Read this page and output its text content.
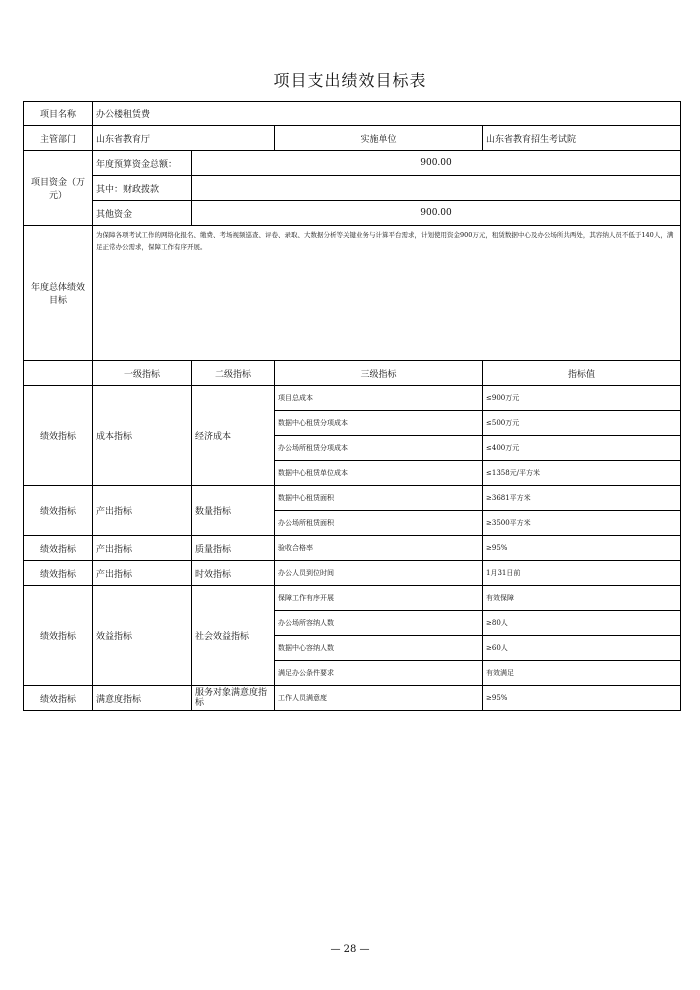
项目支出绩效目标表
项目名称	办公楼租赁费			
主管部门	山东省教育厅		实施单位	山东省教育招生考试院
项目资金（万元）	年度预算资金总额：	900.00		
	其中：财政拨款			
	其他资金	900.00		
年度总体绩效目标	为保障各项考试工作的网络化报名、缴费、考场视频巡查、评卷、录取、大数据分析等关键业务与计算平台需求，计划使用资金900万元，租赁数据中心及办公场所共两处，其容纳人员不低于140人，满足正常办公需求，保障工作有序开展。			
	一级指标	二级指标	三级指标	指标值
绩效指标	成本指标	经济成本	项目总成本	≤900万元
			数据中心租赁分项成本	≤500万元
			办公场所租赁分项成本	≤400万元
			数据中心租赁单位成本	≤1358元/平方米
绩效指标	产出指标	数量指标	数据中心租赁面积	≥3681平方米
			办公场所租赁面积	≥3500平方米
绩效指标	产出指标	质量指标	验收合格率	≥95%
绩效指标	产出指标	时效指标	办公人员到位时间	1月31日前
绩效指标	效益指标	社会效益指标	保障工作有序开展	有效保障
			办公场所容纳人数	≥80人
			数据中心容纳人数	≥60人
			满足办公条件要求	有效满足
绩效指标	满意度指标	服务对象满意度指标	工作人员满意度	≥95%
— 28 —
